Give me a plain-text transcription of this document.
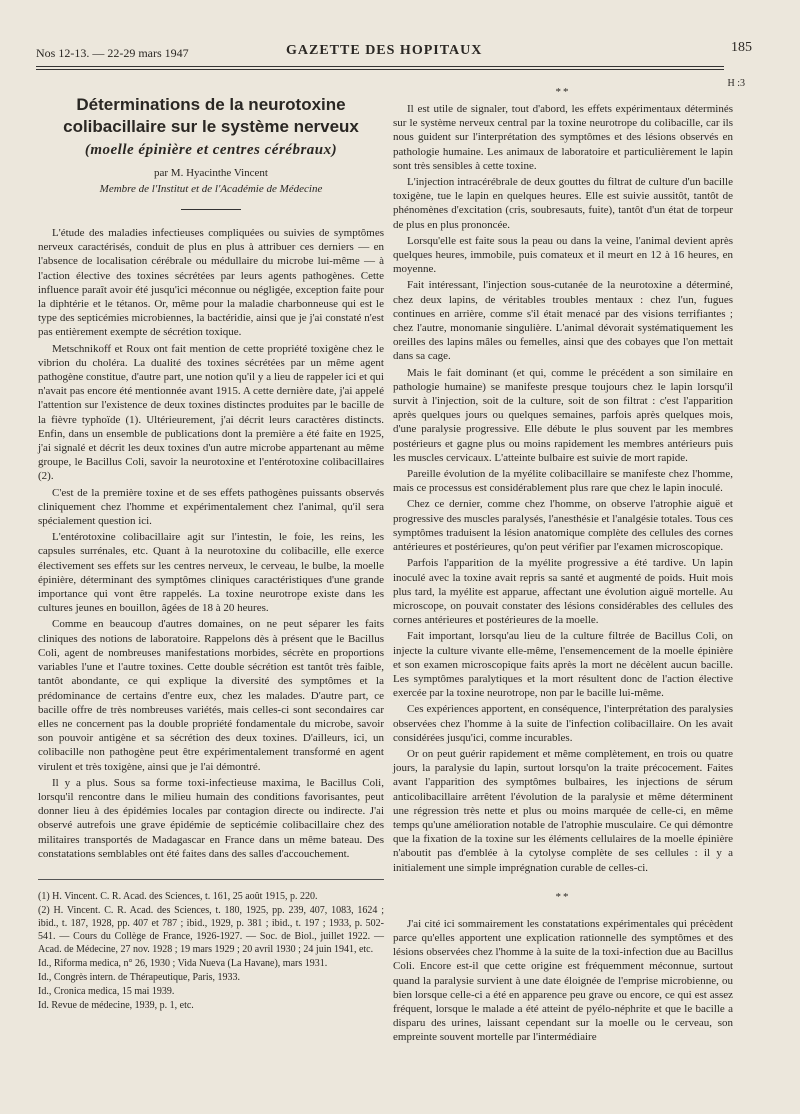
Nos 12-13. — 22-29 mars 1947	GAZETTE DES HOPITAUX	185
Déterminations de la neurotoxine colibacillaire sur le système nerveux
(moelle épinière et centres cérébraux)
par M. Hyacinthe Vincent
Membre de l'Institut et de l'Académie de Médecine

L'étude des maladies infectieuses compliquées ou suivies de symptômes nerveux caractérisés, conduit de plus en plus à attribuer ces derniers — en l'absence de localisation cérébrale ou médullaire du microbe lui-même — à l'action élective des toxines sécrétées par leurs agents pathogènes. Cette influence paraît avoir été jusqu'ici méconnue ou négligée, exception faite pour la diphtérie et le tétanos. Or, même pour la maladie charbonneuse qui est le type des septicémies microbiennes, la bactéridie, ainsi que je j'ai constaté n'est pas entièrement exempte de sécrétion toxique.

Metschnikoff et Roux ont fait mention de cette propriété toxigène chez le vibrion du choléra. La dualité des toxines sécrétées par un même agent pathogène constitue, d'autre part, une notion qu'il y a lieu de rappeler ici et qui n'avait pas encore été mentionnée avant 1915. A cette dernière date, j'ai appelé l'attention sur l'existence de deux toxines distinctes produites par le bacille de la fièvre typhoïde (1). Ultérieurement, j'ai décrit leurs caractères distincts. Enfin, dans un ensemble de publications dont la première a été faite en 1925, j'ai signalé et décrit les deux toxines d'un autre microbe appartenant au même groupe, le Bacillus Coli, savoir la neurotoxine et l'entérotoxine colibacillaires (2).

C'est de la première toxine et de ses effets pathogènes puissants observés cliniquement chez l'homme et expérimentalement chez l'animal, qu'il sera spécialement question ici.

L'entérotoxine colibacillaire agit sur l'intestin, le foie, les reins, les capsules surrénales, etc. Quant à la neurotoxine du colibacille, elle exerce électivement ses effets sur les centres nerveux, le cerveau, le bulbe, la moelle épinière, déterminant des symptômes cliniques caractéristiques d'une grande importance qui vont être rappelés. La toxine neurotrope existe dans les cultures jeunes en bouillon, âgées de 18 à 20 heures.

Comme en beaucoup d'autres domaines, on ne peut séparer les faits cliniques des notions de laboratoire. Rappelons dès à présent que le Bacillus Coli, agent de nombreuses manifestations morbides, sécrète en proportions variables l'une et l'autre toxines. Cette double sécrétion est tantôt très faible, tantôt abondante, ce qui explique la diversité des symptômes et la prédominance de certains d'entre eux, chez les malades. D'autre part, ce bacille offre de très nombreuses variétés, mais celles-ci sont secondaires car elles ne concernent pas la double propriété fondamentale du microbe, savoir son pouvoir antigène et sa sécrétion des deux toxines. D'ailleurs, ici, un colibacille non pathogène peut être expérimentalement transformé en agent virulent et très toxigène, ainsi que je l'ai démontré.

Il y a plus. Sous sa forme toxi-infectieuse maxima, le Bacillus Coli, lorsqu'il rencontre dans le milieu humain des conditions favorisantes, peut donner lieu à des épidémies locales par contagion directe ou indirecte. J'ai observé autrefois une grave épidémie de septicémie colibacillaire chez des militaires transportés de Madagascar en France dans un même bateau. Des constatations semblables ont été faites dans des salles d'accouchement.

(1) H. Vincent. C. R. Acad. des Sciences, t. 161, 25 août 1915, p. 220.

(2) H. Vincent. C. R. Acad. des Sciences, t. 180, 1925, pp. 239, 407, 1083, 1624 ; ibid., t. 187, 1928, pp. 407 et 787 ; ibid., 1929, p. 381 ; ibid., t. 197 ; 1933, p. 502-541. — Cours du Collège de France, 1926-1927. — Soc. de Biol., juillet 1922. — Acad. de Médecine, 27 nov. 1928 ; 19 mars 1929 ; 20 avril 1930 ; 24 juin 1941, etc.

Id., Riforma medica, n° 26, 1930 ; Vida Nueva (La Havane), mars 1931.

Id., Congrès intern. de Thérapeutique, Paris, 1933.

Id., Cronica medica, 15 mai 1939.

Id. Revue de médecine, 1939, p. 1, etc.

H :3
**

Il est utile de signaler, tout d'abord, les effets expérimentaux déterminés sur le système nerveux central par la toxine neurotrope du colibacille, car ils nous guident sur l'interprétation des symptômes et des lésions observés en pathologie humaine. Les animaux de laboratoire et particulièrement le lapin sont très sensibles à cette toxine.

L'injection intracérébrale de deux gouttes du filtrat de culture d'un bacille toxigène, tue le lapin en quelques heures. Elle est suivie aussitôt, tantôt de phénomènes d'excitation (cris, soubresauts, fuite), tantôt d'un état de torpeur de plus en plus prononcée.

Lorsqu'elle est faite sous la peau ou dans la veine, l'animal devient après quelques heures, immobile, puis comateux et il meurt en 12 à 16 heures, en moyenne.

Fait intéressant, l'injection sous-cutanée de la neurotoxine a déterminé, chez deux lapins, de véritables troubles mentaux : chez l'un, fugues continues en arrière, comme s'il était menacé par des visions terrifiantes ; chez l'autre, monomanie singulière. L'animal dévorait systématiquement les oreilles des lapins mâles ou femelles, ainsi que des cobayes que l'on mettait dans sa cage.

Mais le fait dominant (et qui, comme le précédent a son similaire en pathologie humaine) se manifeste presque toujours chez le lapin lorsqu'il survit à l'injection, soit de la culture, soit de son filtrat : c'est l'apparition après quelques jours ou quelques semaines, parfois après quelques mois, d'une paralysie progressive. Elle débute le plus souvent par les membres postérieurs et gagne plus ou moins rapidement les membres antérieurs puis les muscles cervicaux. L'atteinte bulbaire est suivie de mort rapide.

Pareille évolution de la myélite colibacillaire se manifeste chez l'homme, mais ce processus est considérablement plus rare que chez le lapin inoculé.

Chez ce dernier, comme chez l'homme, on observe l'atrophie aiguë et progressive des muscles paralysés, l'anesthésie et l'analgésie totales. Tous ces symptômes traduisent la lésion anatomique complète des cellules des cornes antérieures et postérieures, qu'on peut vérifier par l'examen microscopique.

Parfois l'apparition de la myélite progressive a été tardive. Un lapin inoculé avec la toxine avait repris sa santé et augmenté de poids. Huit mois plus tard, la myélite est apparue, affectant une évolution aiguë mortelle. Au microscope, on pouvait constater des lésions considérables des cellules des cornes antérieures et postérieures de la moelle.

Fait important, lorsqu'au lieu de la culture filtrée de Bacillus Coli, on injecte la culture vivante elle-même, l'ensemencement de la moelle épinière et son examen microscopique faits après la mort ne décèlent aucun bacille. Les symptômes paralytiques et la mort résultent donc de l'action élective exercée par la toxine neurotrope, non par le bacille lui-même.

Ces expériences apportent, en conséquence, l'interprétation des paralysies observées chez l'homme à la suite de l'infection colibacillaire. On les avait considérées jusqu'ici, comme incurables.

Or on peut guérir rapidement et même complètement, en trois ou quatre jours, la paralysie du lapin, surtout lorsqu'on la traite précocement. Faites avant l'apparition des symptômes bulbaires, les injections de sérum anticolibacillaire arrêtent l'évolution de la paralysie et même déterminent une régression très nette et plus ou moins marquée de celle-ci, en même temps qu'une amélioration notable de l'atrophie musculaire. Ce qui démontre que la fixation de la toxine sur les éléments cellulaires de la moelle épinière n'aboutit pas d'emblée à la cytolyse complète de ses cellules : il y a initialement une simple imprégnation curable de celles-ci.

**

J'ai cité ici sommairement les constatations expérimentales qui précèdent parce qu'elles apportent une explication rationnelle des symptômes et des lésions observées chez l'homme à la suite de la toxi-infection due au Bacillus Coli. Encore est-il que cette origine est fréquemment méconnue, surtout quand la paralysie survient à une date éloignée de l'emprise microbienne, ou bien lorsque celle-ci a été en apparence peu grave ou encore, ce qui est assez fréquent, lorsque le malade a été atteint de pyélo-néphrite et que le bacille a disparu des urines, laissant cependant sur la moelle ou le cerveau, son empreinte souvent mortelle par l'intermédiaire
